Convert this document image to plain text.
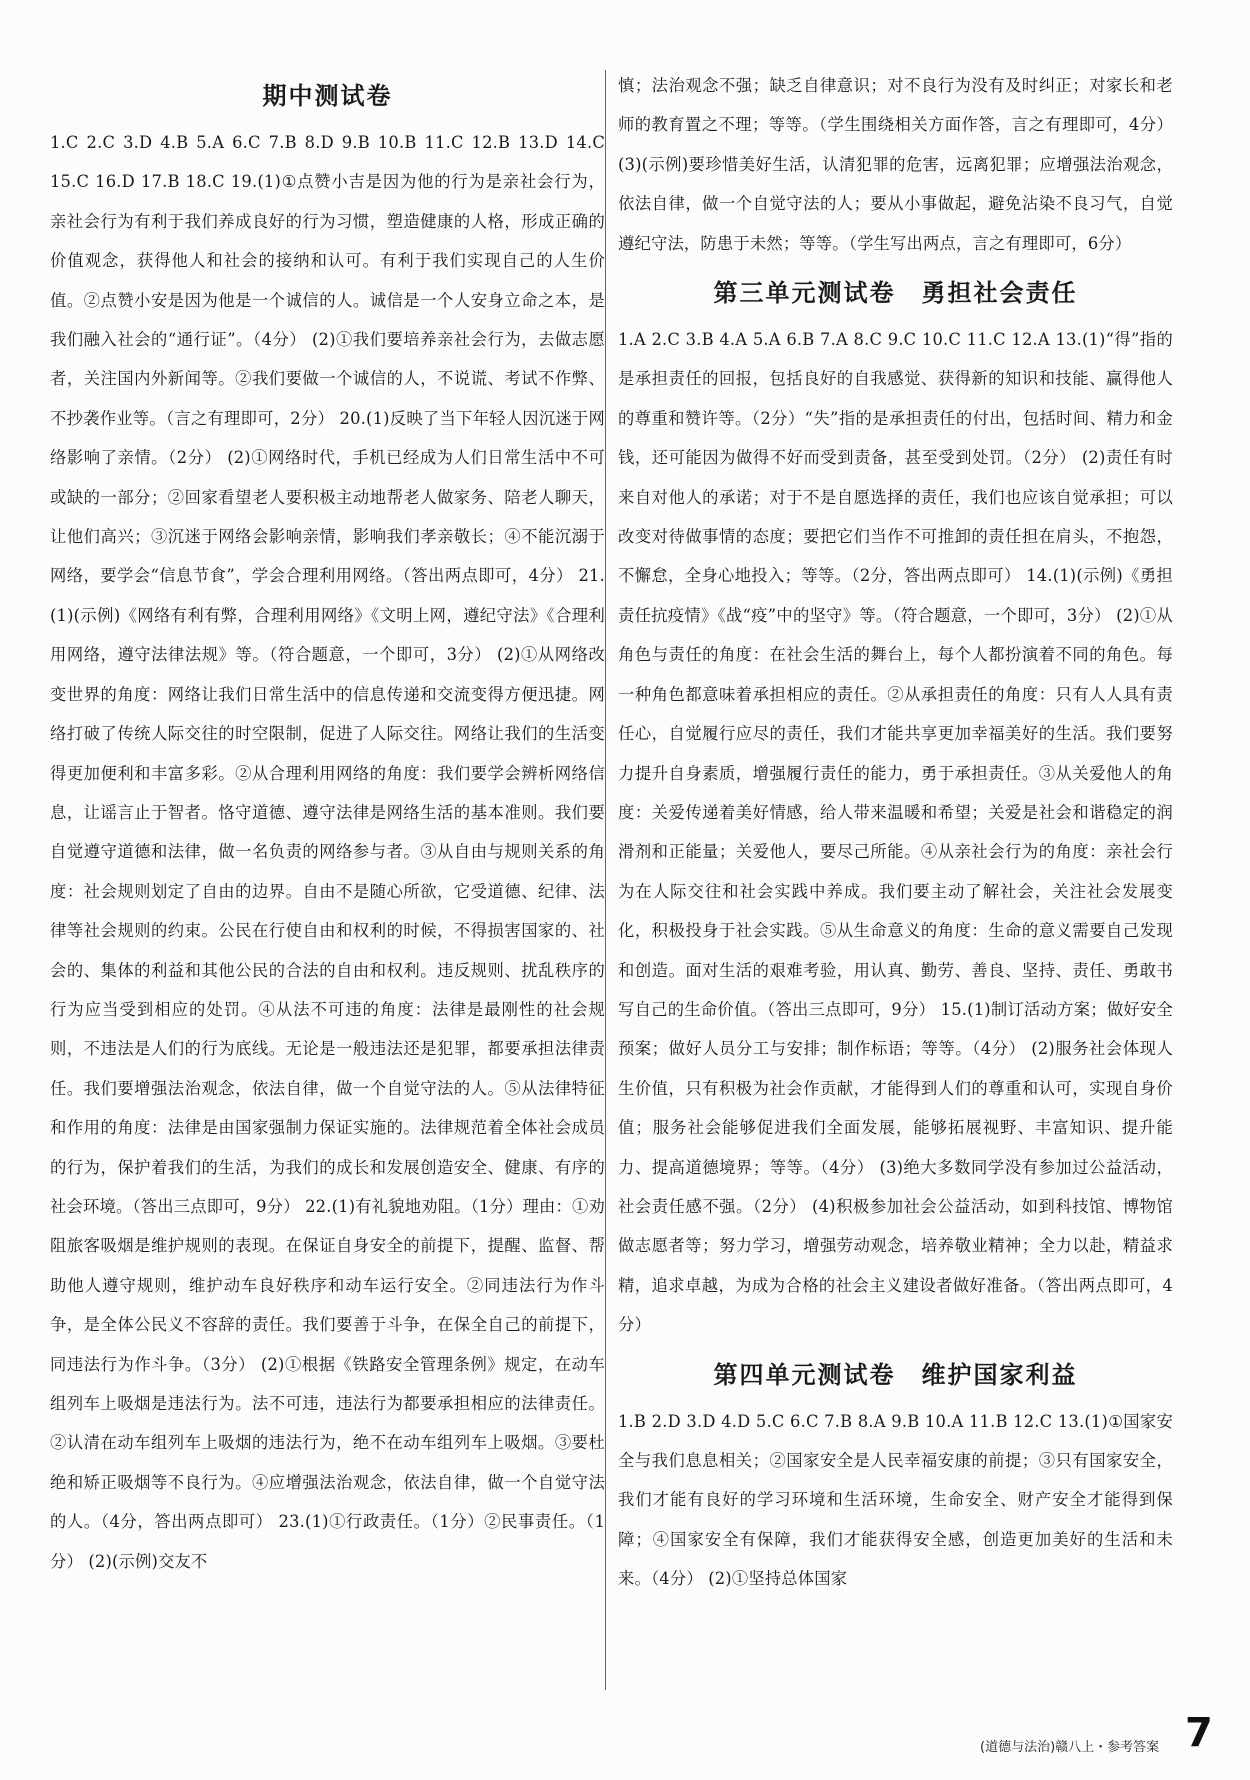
期中测试卷

1.C 2.C 3.D 4.B 5.A 6.C 7.B 8.D 9.B 10.B 11.C 12.B 13.D 14.C 15.C 16.D 17.B 18.C 19.(1)①点赞小吉是因为他的行为是亲社会行为，亲社会行为有利于我们养成良好的行为习惯，塑造健康的人格，形成正确的价值观念，获得他人和社会的接纳和认可。有利于我们实现自己的人生价值。②点赞小安是因为他是一个诚信的人。诚信是一个人安身立命之本，是我们融入社会的“通行证”。（4分） (2)①我们要培养亲社会行为，去做志愿者，关注国内外新闻等。②我们要做一个诚信的人，不说谎、考试不作弊、不抄袭作业等。（言之有理即可，2分） 20.(1)反映了当下年轻人因沉迷于网络影响了亲情。（2分） (2)①网络时代，手机已经成为人们日常生活中不可或缺的一部分；②回家看望老人要积极主动地帮老人做家务、陪老人聊天，让他们高兴；③沉迷于网络会影响亲情，影响我们孝亲敬长；④不能沉溺于网络，要学会“信息节食”，学会合理利用网络。（答出两点即可，4分） 21.(1)(示例)《网络有利有弊，合理利用网络》《文明上网，遵纪守法》《合理利用网络，遵守法律法规》等。（符合题意，一个即可，3分） (2)①从网络改变世界的角度：网络让我们日常生活中的信息传递和交流变得方便迅捷。网络打破了传统人际交往的时空限制，促进了人际交往。网络让我们的生活变得更加便利和丰富多彩。②从合理利用网络的角度：我们要学会辨析网络信息，让谣言止于智者。恪守道德、遵守法律是网络生活的基本准则。我们要自觉遵守道德和法律，做一名负责的网络参与者。③从自由与规则关系的角度：社会规则划定了自由的边界。自由不是随心所欲，它受道德、纪律、法律等社会规则的约束。公民在行使自由和权利的时候，不得损害国家的、社会的、集体的利益和其他公民的合法的自由和权利。违反规则、扰乱秩序的行为应当受到相应的处罚。④从法不可违的角度：法律是最刚性的社会规则，不违法是人们的行为底线。无论是一般违法还是犯罪，都要承担法律责任。我们要增强法治观念，依法自律，做一个自觉守法的人。⑤从法律特征和作用的角度：法律是由国家强制力保证实施的。法律规范着全体社会成员的行为，保护着我们的生活，为我们的成长和发展创造安全、健康、有序的社会环境。（答出三点即可，9分） 22.(1)有礼貌地劝阻。（1分）理由：①劝阻旅客吸烟是维护规则的表现。在保证自身安全的前提下，提醒、监督、帮助他人遵守规则，维护动车良好秩序和动车运行安全。②同违法行为作斗争，是全体公民义不容辞的责任。我们要善于斗争，在保全自己的前提下，同违法行为作斗争。（3分） (2)①根据《铁路安全管理条例》规定，在动车组列车上吸烟是违法行为。法不可违，违法行为都要承担相应的法律责任。②认清在动车组列车上吸烟的违法行为，绝不在动车组列车上吸烟。③要杜绝和矫正吸烟等不良行为。④应增强法治观念，依法自律，做一个自觉守法的人。（4分，答出两点即可） 23.(1)①行政责任。（1分）②民事责任。（1分） (2)(示例)交友不

慎；法治观念不强；缺乏自律意识；对不良行为没有及时纠正；对家长和老师的教育置之不理；等等。（学生围绕相关方面作答，言之有理即可，4分） (3)(示例)要珍惜美好生活，认清犯罪的危害，远离犯罪；应增强法治观念，依法自律，做一个自觉守法的人；要从小事做起，避免沾染不良习气，自觉遵纪守法，防患于未然；等等。（学生写出两点，言之有理即可，6分）

第三单元测试卷　勇担社会责任

1.A 2.C 3.B 4.A 5.A 6.B 7.A 8.C 9.C 10.C 11.C 12.A 13.(1)“得”指的是承担责任的回报，包括良好的自我感觉、获得新的知识和技能、赢得他人的尊重和赞许等。（2分）“失”指的是承担责任的付出，包括时间、精力和金钱，还可能因为做得不好而受到责备，甚至受到处罚。（2分） (2)责任有时来自对他人的承诺；对于不是自愿选择的责任，我们也应该自觉承担；可以改变对待做事情的态度；要把它们当作不可推卸的责任担在肩头，不抱怨，不懈怠，全身心地投入；等等。（2分，答出两点即可） 14.(1)(示例)《勇担责任抗疫情》《战“疫”中的坚守》等。（符合题意，一个即可，3分） (2)①从角色与责任的角度：在社会生活的舞台上，每个人都扮演着不同的角色。每一种角色都意味着承担相应的责任。②从承担责任的角度：只有人人具有责任心，自觉履行应尽的责任，我们才能共享更加幸福美好的生活。我们要努力提升自身素质，增强履行责任的能力，勇于承担责任。③从关爱他人的角度：关爱传递着美好情感，给人带来温暖和希望；关爱是社会和谐稳定的润滑剂和正能量；关爱他人，要尽己所能。④从亲社会行为的角度：亲社会行为在人际交往和社会实践中养成。我们要主动了解社会，关注社会发展变化，积极投身于社会实践。⑤从生命意义的角度：生命的意义需要自己发现和创造。面对生活的艰难考验，用认真、勤劳、善良、坚持、责任、勇敢书写自己的生命价值。（答出三点即可，9分） 15.(1)制订活动方案；做好安全预案；做好人员分工与安排；制作标语；等等。（4分） (2)服务社会体现人生价值，只有积极为社会作贡献，才能得到人们的尊重和认可，实现自身价值；服务社会能够促进我们全面发展，能够拓展视野、丰富知识、提升能力、提高道德境界；等等。（4分） (3)绝大多数同学没有参加过公益活动，社会责任感不强。（2分） (4)积极参加社会公益活动，如到科技馆、博物馆做志愿者等；努力学习，增强劳动观念，培养敬业精神；全力以赴，精益求精，追求卓越，为成为合格的社会主义建设者做好准备。（答出两点即可，4分）

第四单元测试卷　维护国家利益

1.B 2.D 3.D 4.D 5.C 6.C 7.B 8.A 9.B 10.A 11.B 12.C 13.(1)①国家安全与我们息息相关；②国家安全是人民幸福安康的前提；③只有国家安全，我们才能有良好的学习环境和生活环境，生命安全、财产安全才能得到保障；④国家安全有保障，我们才能获得安全感，创造更加美好的生活和未来。（4分） (2)①坚持总体国家

(道德与法治)赣八上・参考答案 7
